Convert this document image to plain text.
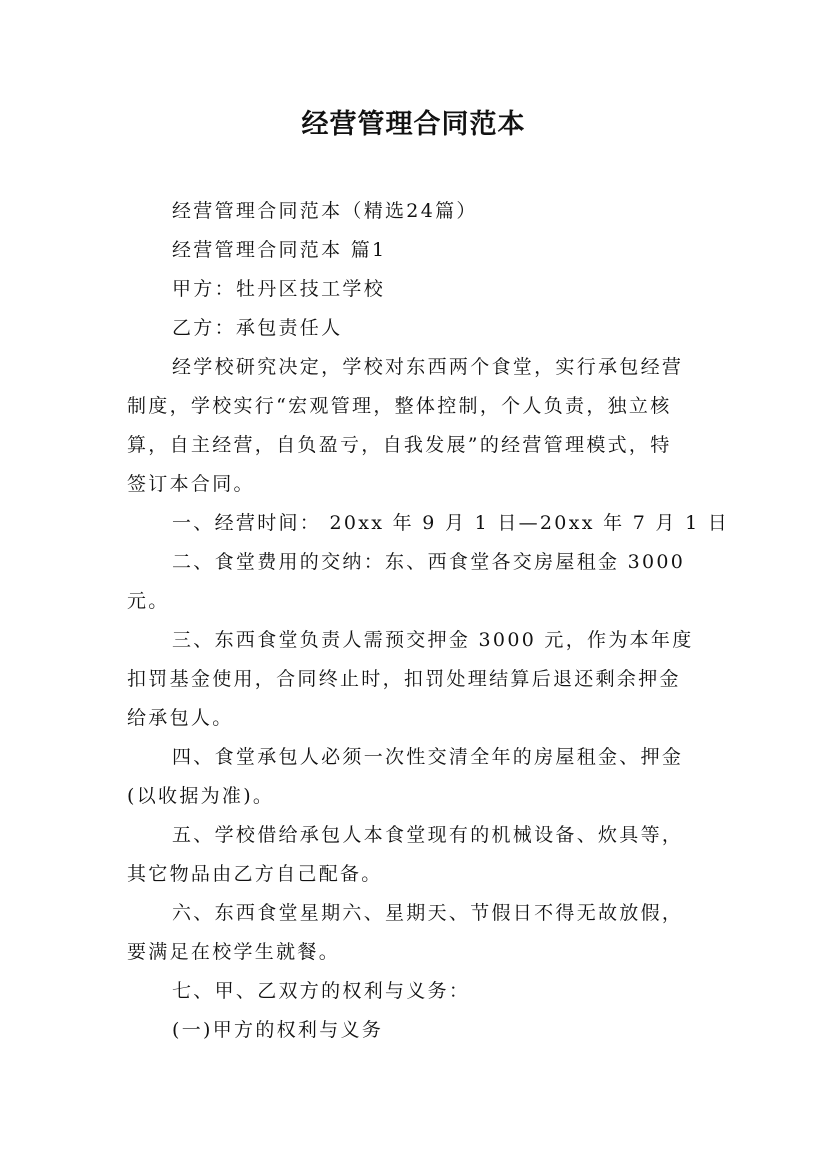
经营管理合同范本
经营管理合同范本（精选24篇）
经营管理合同范本 篇1
甲方：牡丹区技工学校
乙方：承包责任人
经学校研究决定，学校对东西两个食堂，实行承包经营
制度，学校实行“宏观管理，整体控制，个人负责，独立核
算，自主经营，自负盈亏，自我发展”的经营管理模式，特
签订本合同。
一、经营时间： 20xx 年 9 月 1 日—20xx 年 7 月 1 日
二、食堂费用的交纳：东、西食堂各交房屋租金 3000
元。
三、东西食堂负责人需预交押金 3000 元，作为本年度
扣罚基金使用，合同终止时，扣罚处理结算后退还剩余押金
给承包人。
四、食堂承包人必须一次性交清全年的房屋租金、押金
(以收据为准)。
五、学校借给承包人本食堂现有的机械设备、炊具等，
其它物品由乙方自己配备。
六、东西食堂星期六、星期天、节假日不得无故放假，
要满足在校学生就餐。
七、甲、乙双方的权利与义务：
(一)甲方的权利与义务
